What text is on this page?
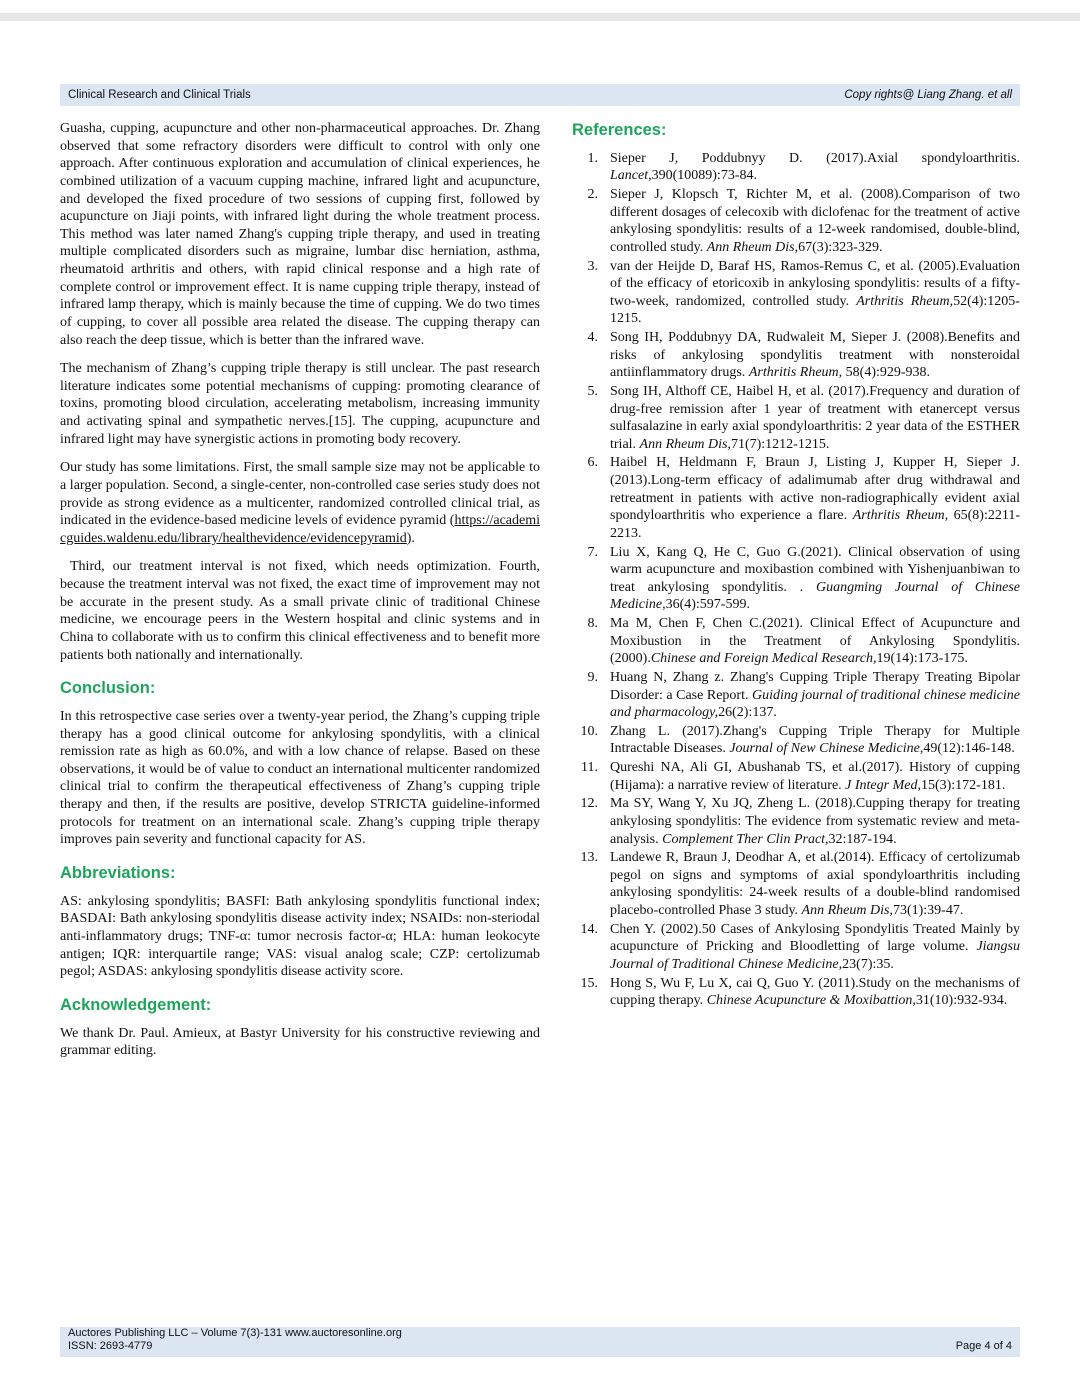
Clinical Research and Clinical Trials	Copy rights@ Liang Zhang. et all

Guasha, cupping, acupuncture and other non-pharmaceutical approaches. Dr. Zhang observed that some refractory disorders were difficult to control with only one approach. After continuous exploration and accumulation of clinical experiences, he combined utilization of a vacuum cupping machine, infrared light and acupuncture, and developed the fixed procedure of two sessions of cupping first, followed by acupuncture on Jiaji points, with infrared light during the whole treatment process. This method was later named Zhang's cupping triple therapy, and used in treating multiple complicated disorders such as migraine, lumbar disc herniation, asthma, rheumatoid arthritis and others, with rapid clinical response and a high rate of complete control or improvement effect. It is name cupping triple therapy, instead of infrared lamp therapy, which is mainly because the time of cupping. We do two times of cupping, to cover all possible area related the disease. The cupping therapy can also reach the deep tissue, which is better than the infrared wave.

The mechanism of Zhang’s cupping triple therapy is still unclear. The past research literature indicates some potential mechanisms of cupping: promoting clearance of toxins, promoting blood circulation, accelerating metabolism, increasing immunity and activating spinal and sympathetic nerves.[15]. The cupping, acupuncture and infrared light may have synergistic actions in promoting body recovery.

Our study has some limitations. First, the small sample size may not be applicable to a larger population. Second, a single-center, non-controlled case series study does not provide as strong evidence as a multicenter, randomized controlled clinical trial, as indicated in the evidence-based medicine levels of evidence pyramid (https://academicguides.waldenu.edu/library/healthevidence/evidencepyramid).

Third, our treatment interval is not fixed, which needs optimization. Fourth, because the treatment interval was not fixed, the exact time of improvement may not be accurate in the present study. As a small private clinic of traditional Chinese medicine, we encourage peers in the Western hospital and clinic systems and in China to collaborate with us to confirm this clinical effectiveness and to benefit more patients both nationally and internationally.

Conclusion:

In this retrospective case series over a twenty-year period, the Zhang’s cupping triple therapy has a good clinical outcome for ankylosing spondylitis, with a clinical remission rate as high as 60.0%, and with a low chance of relapse. Based on these observations, it would be of value to conduct an international multicenter randomized clinical trial to confirm the therapeutical effectiveness of Zhang’s cupping triple therapy and then, if the results are positive, develop STRICTA guideline-informed protocols for treatment on an international scale. Zhang’s cupping triple therapy improves pain severity and functional capacity for AS.

Abbreviations:

AS: ankylosing spondylitis; BASFI: Bath ankylosing spondylitis functional index; BASDAI: Bath ankylosing spondylitis disease activity index; NSAIDs: non-steriodal anti-inflammatory drugs; TNF-α: tumor necrosis factor-α; HLA: human leokocyte antigen; IQR: interquartile range; VAS: visual analog scale; CZP: certolizumab pegol; ASDAS: ankylosing spondylitis disease activity score.

Acknowledgement:

We thank Dr. Paul. Amieux, at Bastyr University for his constructive reviewing and grammar editing.

References:
1. Sieper J, Poddubnyy D. (2017).Axial spondyloarthritis. Lancet,390(10089):73-84.
2. Sieper J, Klopsch T, Richter M, et al. (2008).Comparison of two different dosages of celecoxib with diclofenac for the treatment of active ankylosing spondylitis: results of a 12-week randomised, double-blind, controlled study. Ann Rheum Dis,67(3):323-329.
3. van der Heijde D, Baraf HS, Ramos-Remus C, et al. (2005).Evaluation of the efficacy of etoricoxib in ankylosing spondylitis: results of a fifty-two-week, randomized, controlled study. Arthritis Rheum,52(4):1205-1215.
4. Song IH, Poddubnyy DA, Rudwaleit M, Sieper J. (2008).Benefits and risks of ankylosing spondylitis treatment with nonsteroidal antiinflammatory drugs. Arthritis Rheum, 58(4):929-938.
5. Song IH, Althoff CE, Haibel H, et al. (2017).Frequency and duration of drug-free remission after 1 year of treatment with etanercept versus sulfasalazine in early axial spondyloarthritis: 2 year data of the ESTHER trial. Ann Rheum Dis,71(7):1212-1215.
6. Haibel H, Heldmann F, Braun J, Listing J, Kupper H, Sieper J. (2013).Long-term efficacy of adalimumab after drug withdrawal and retreatment in patients with active non-radiographically evident axial spondyloarthritis who experience a flare. Arthritis Rheum, 65(8):2211-2213.
7. Liu X, Kang Q, He C, Guo G.(2021). Clinical observation of using warm acupuncture and moxibastion combined with Yishenjuanbiwan to treat ankylosing spondylitis. . Guangming Journal of Chinese Medicine,36(4):597-599.
8. Ma M, Chen F, Chen C.(2021). Clinical Effect of Acupuncture and Moxibustion in the Treatment of Ankylosing Spondylitis. (2000).Chinese and Foreign Medical Research,19(14):173-175.
9. Huang N, Zhang z. Zhang's Cupping Triple Therapy Treating Bipolar Disorder: a Case Report. Guiding journal of traditional chinese medicine and pharmacology,26(2):137.
10. Zhang L. (2017).Zhang's Cupping Triple Therapy for Multiple Intractable Diseases. Journal of New Chinese Medicine,49(12):146-148.
11. Qureshi NA, Ali GI, Abushanab TS, et al.(2017). History of cupping (Hijama): a narrative review of literature. J Integr Med,15(3):172-181.
12. Ma SY, Wang Y, Xu JQ, Zheng L. (2018).Cupping therapy for treating ankylosing spondylitis: The evidence from systematic review and meta-analysis. Complement Ther Clin Pract,32:187-194.
13. Landewe R, Braun J, Deodhar A, et al.(2014). Efficacy of certolizumab pegol on signs and symptoms of axial spondyloarthritis including ankylosing spondylitis: 24-week results of a double-blind randomised placebo-controlled Phase 3 study. Ann Rheum Dis,73(1):39-47.
14. Chen Y. (2002).50 Cases of Ankylosing Spondylitis Treated Mainly by acupuncture of Pricking and Bloodletting of large volume. Jiangsu Journal of Traditional Chinese Medicine,23(7):35.
15. Hong S, Wu F, Lu X, cai Q, Guo Y. (2011).Study on the mechanisms of cupping therapy. Chinese Acupuncture & Moxibattion,31(10):932-934.
Auctores Publishing LLC – Volume 7(3)-131 www.auctoresonline.org
ISSN: 2693-4779	Page 4 of 4
